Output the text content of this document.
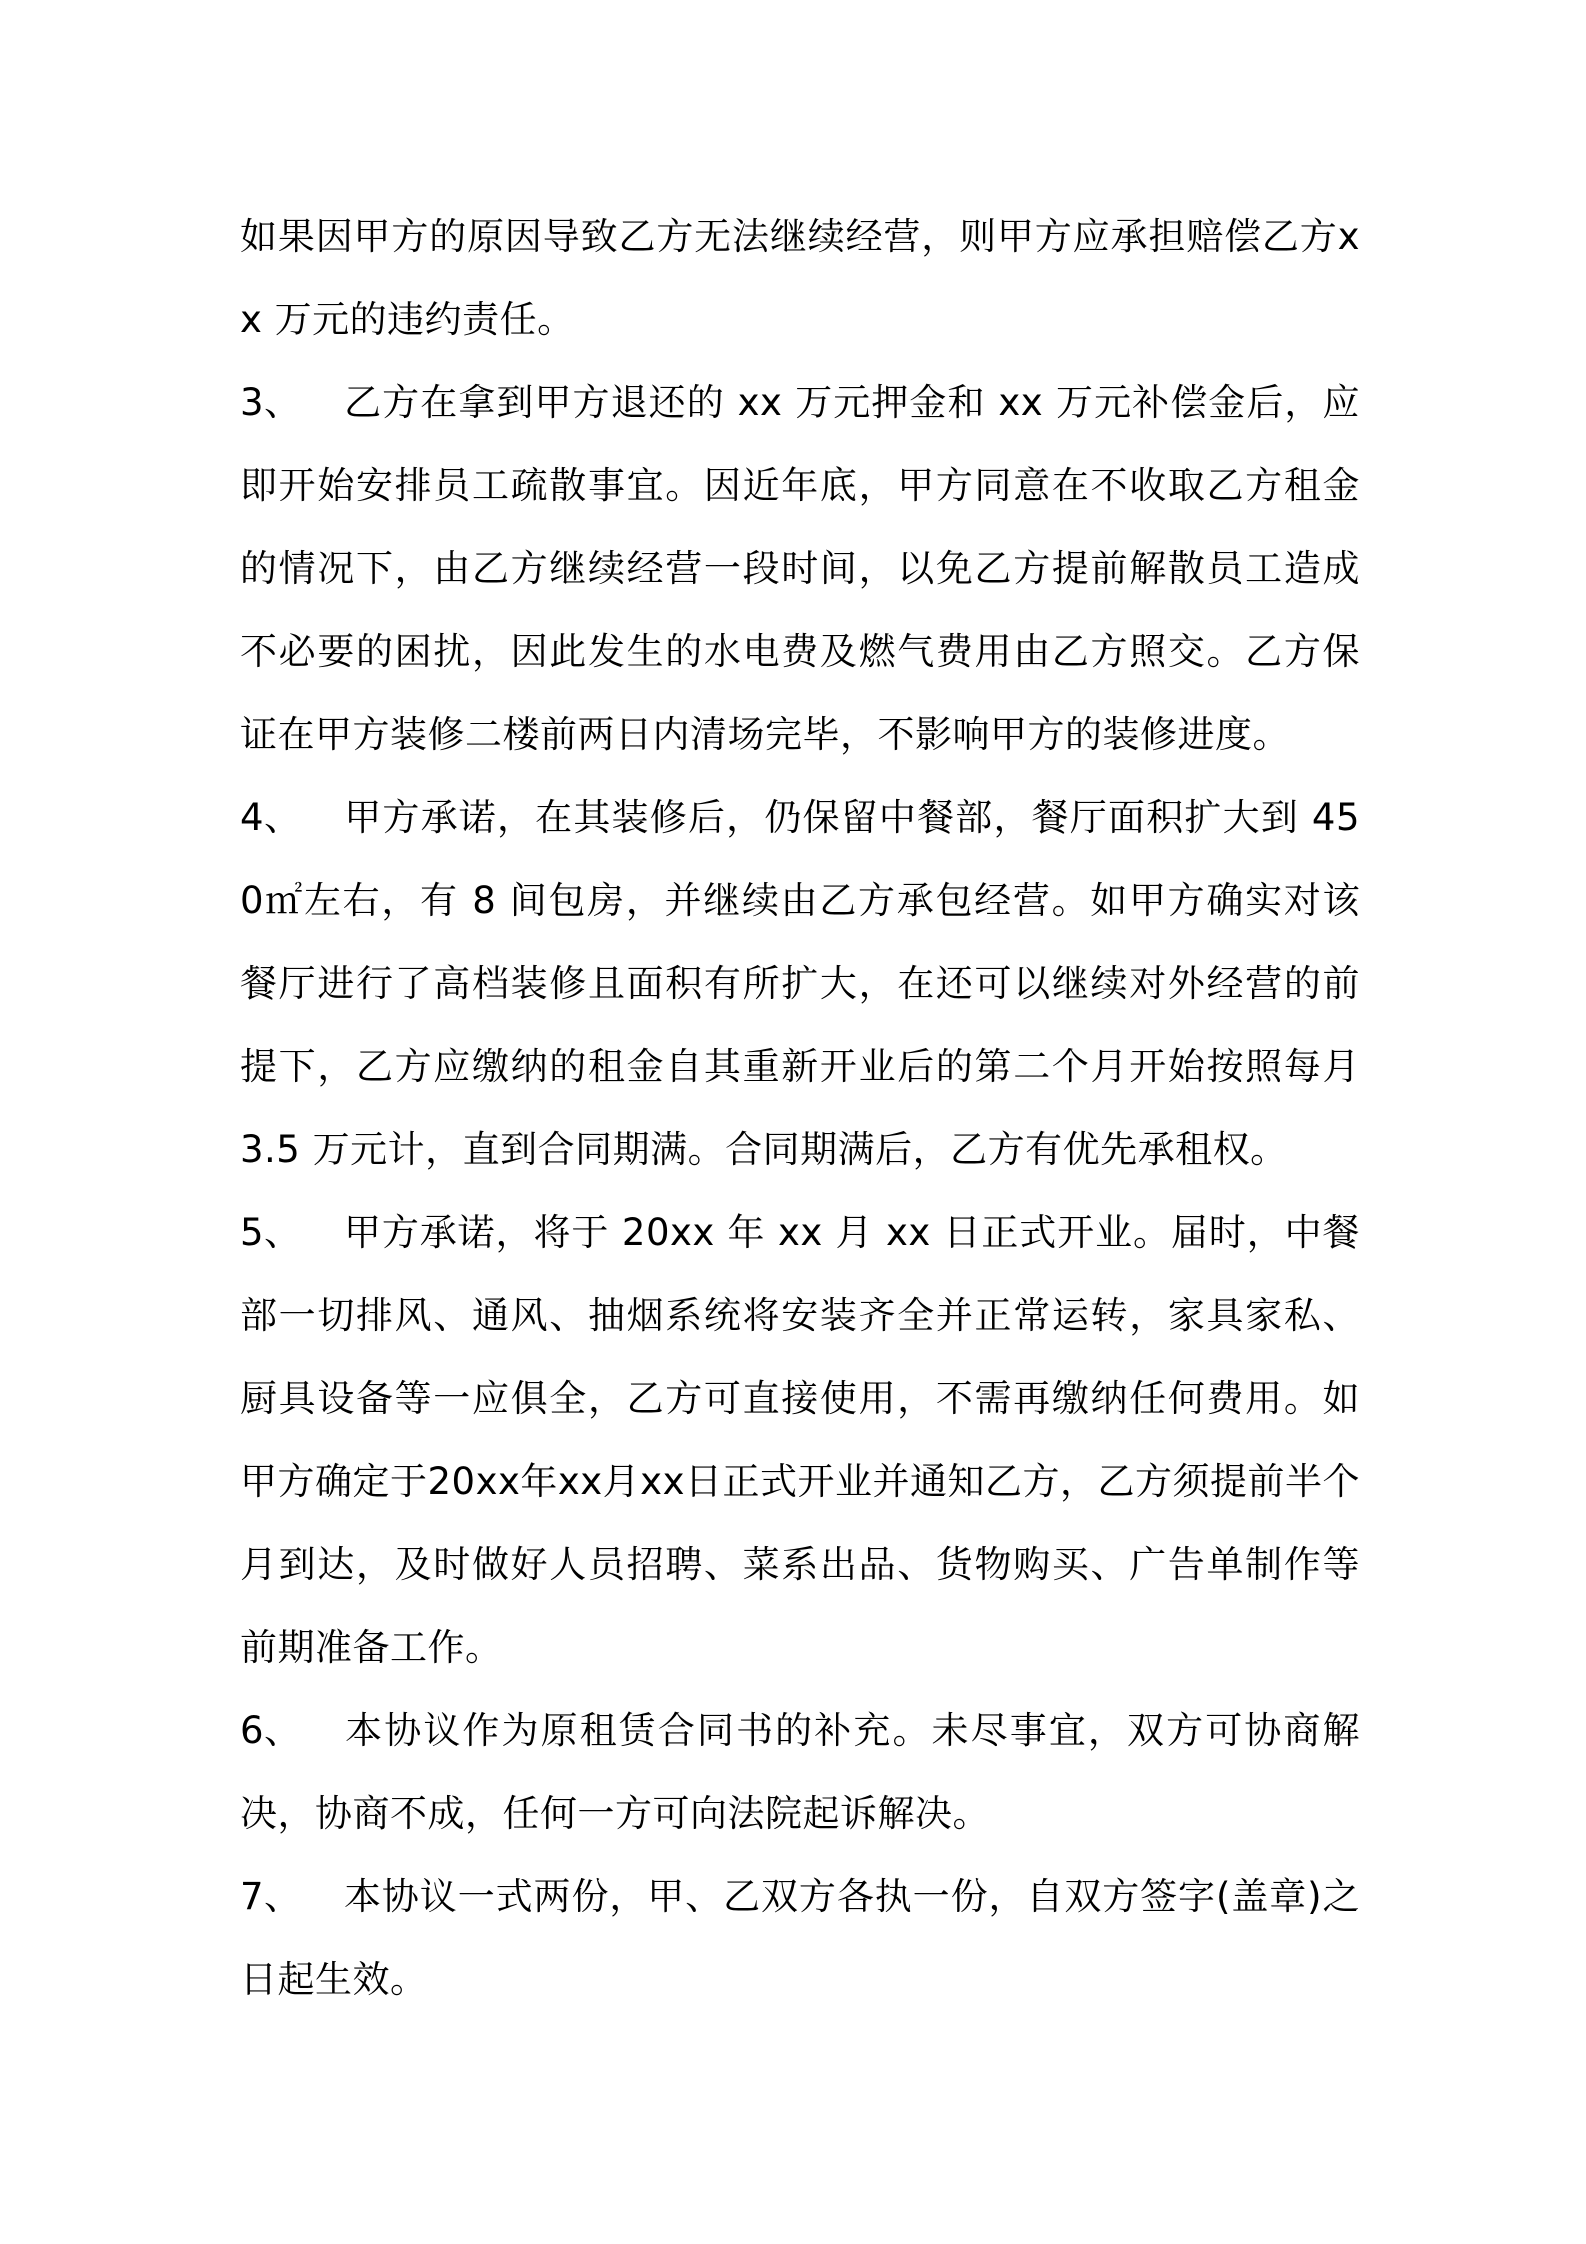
如果因甲方的原因导致乙方无法继续经营，则甲方应承担赔偿乙方xx 万元的违约责任。

3、 乙方在拿到甲方退还的 xx 万元押金和 xx 万元补偿金后，应即开始安排员工疏散事宜。因近年底，甲方同意在不收取乙方租金的情况下，由乙方继续经营一段时间，以免乙方提前解散员工造成不必要的困扰，因此发生的水电费及燃气费用由乙方照交。乙方保证在甲方装修二楼前两日内清场完毕，不影响甲方的装修进度。

4、 甲方承诺，在其装修后，仍保留中餐部，餐厅面积扩大到 450㎡左右，有 8 间包房，并继续由乙方承包经营。如甲方确实对该餐厅进行了高档装修且面积有所扩大，在还可以继续对外经营的前提下，乙方应缴纳的租金自其重新开业后的第二个月开始按照每月 3.5 万元计，直到合同期满。合同期满后，乙方有优先承租权。

5、 甲方承诺，将于 20xx 年 xx 月 xx 日正式开业。届时，中餐部一切排风、通风、抽烟系统将安装齐全并正常运转，家具家私、厨具设备等一应俱全，乙方可直接使用，不需再缴纳任何费用。如甲方确定于20xx年xx月xx日正式开业并通知乙方，乙方须提前半个月到达，及时做好人员招聘、菜系出品、货物购买、广告单制作等前期准备工作。

6、 本协议作为原租赁合同书的补充。未尽事宜，双方可协商解决，协商不成，任何一方可向法院起诉解决。

7、 本协议一式两份，甲、乙双方各执一份，自双方签字(盖章)之日起生效。
